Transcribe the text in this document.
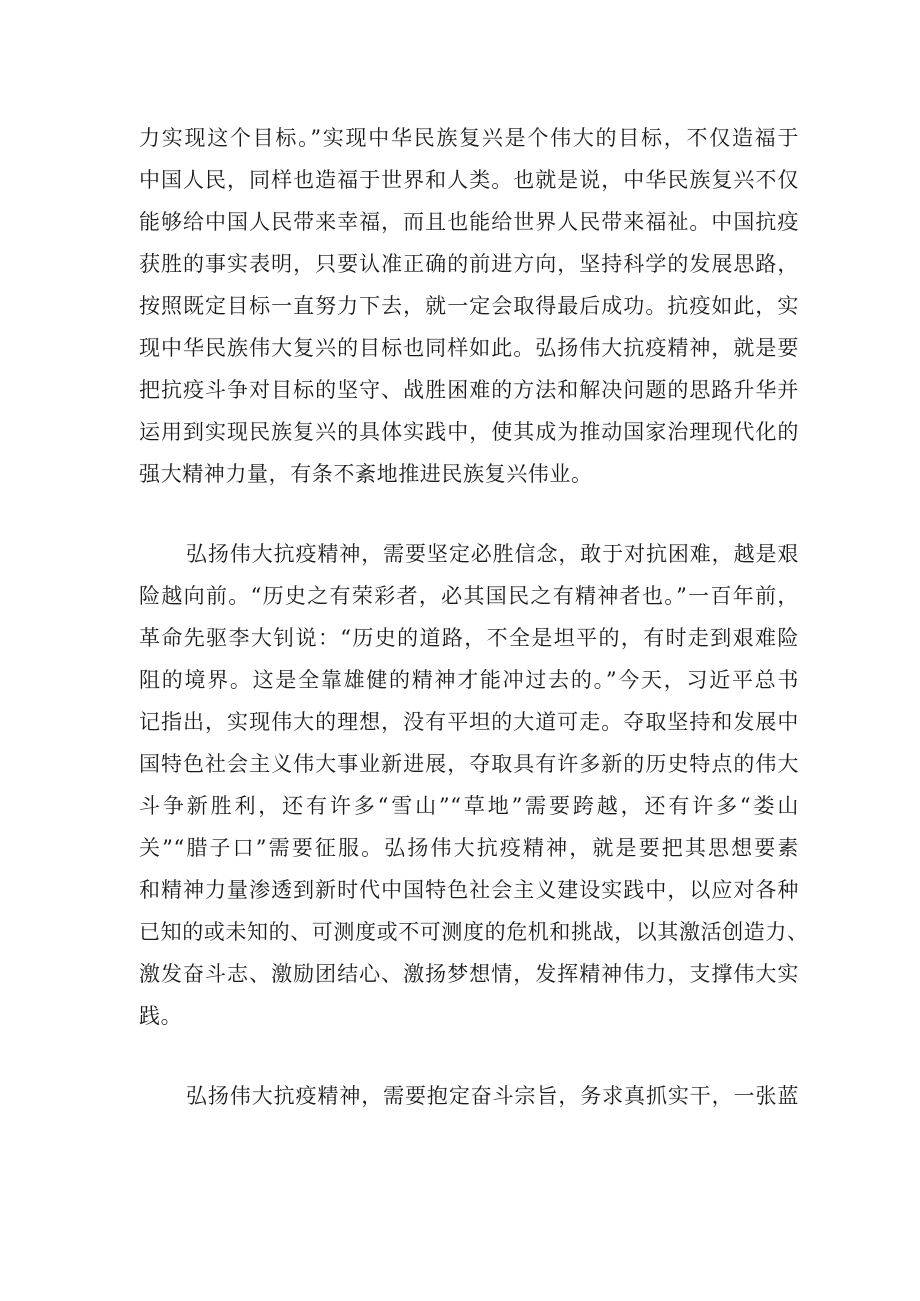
力实现这个目标。”实现中华民族复兴是个伟大的目标，不仅造福于
中国人民，同样也造福于世界和人类。也就是说，中华民族复兴不仅
能够给中国人民带来幸福，而且也能给世界人民带来福祉。中国抗疫
获胜的事实表明，只要认准正确的前进方向，坚持科学的发展思路，
按照既定目标一直努力下去，就一定会取得最后成功。抗疫如此，实
现中华民族伟大复兴的目标也同样如此。弘扬伟大抗疫精神，就是要
把抗疫斗争对目标的坚守、战胜困难的方法和解决问题的思路升华并
运用到实现民族复兴的具体实践中，使其成为推动国家治理现代化的
强大精神力量，有条不紊地推进民族复兴伟业。
弘扬伟大抗疫精神，需要坚定必胜信念，敢于对抗困难，越是艰
险越向前。“历史之有荣彩者，必其国民之有精神者也。”一百年前，
革命先驱李大钊说：“历史的道路，不全是坦平的，有时走到艰难险
阻的境界。这是全靠雄健的精神才能冲过去的。”今天，习近平总书
记指出，实现伟大的理想，没有平坦的大道可走。夺取坚持和发展中
国特色社会主义伟大事业新进展，夺取具有许多新的历史特点的伟大
斗争新胜利，还有许多“雪山”“草地”需要跨越，还有许多“娄山
关”“腊子口”需要征服。弘扬伟大抗疫精神，就是要把其思想要素
和精神力量渗透到新时代中国特色社会主义建设实践中，以应对各种
已知的或未知的、可测度或不可测度的危机和挑战，以其激活创造力、
激发奋斗志、激励团结心、激扬梦想情，发挥精神伟力，支撑伟大实
践。
弘扬伟大抗疫精神，需要抱定奋斗宗旨，务求真抓实干，一张蓝
